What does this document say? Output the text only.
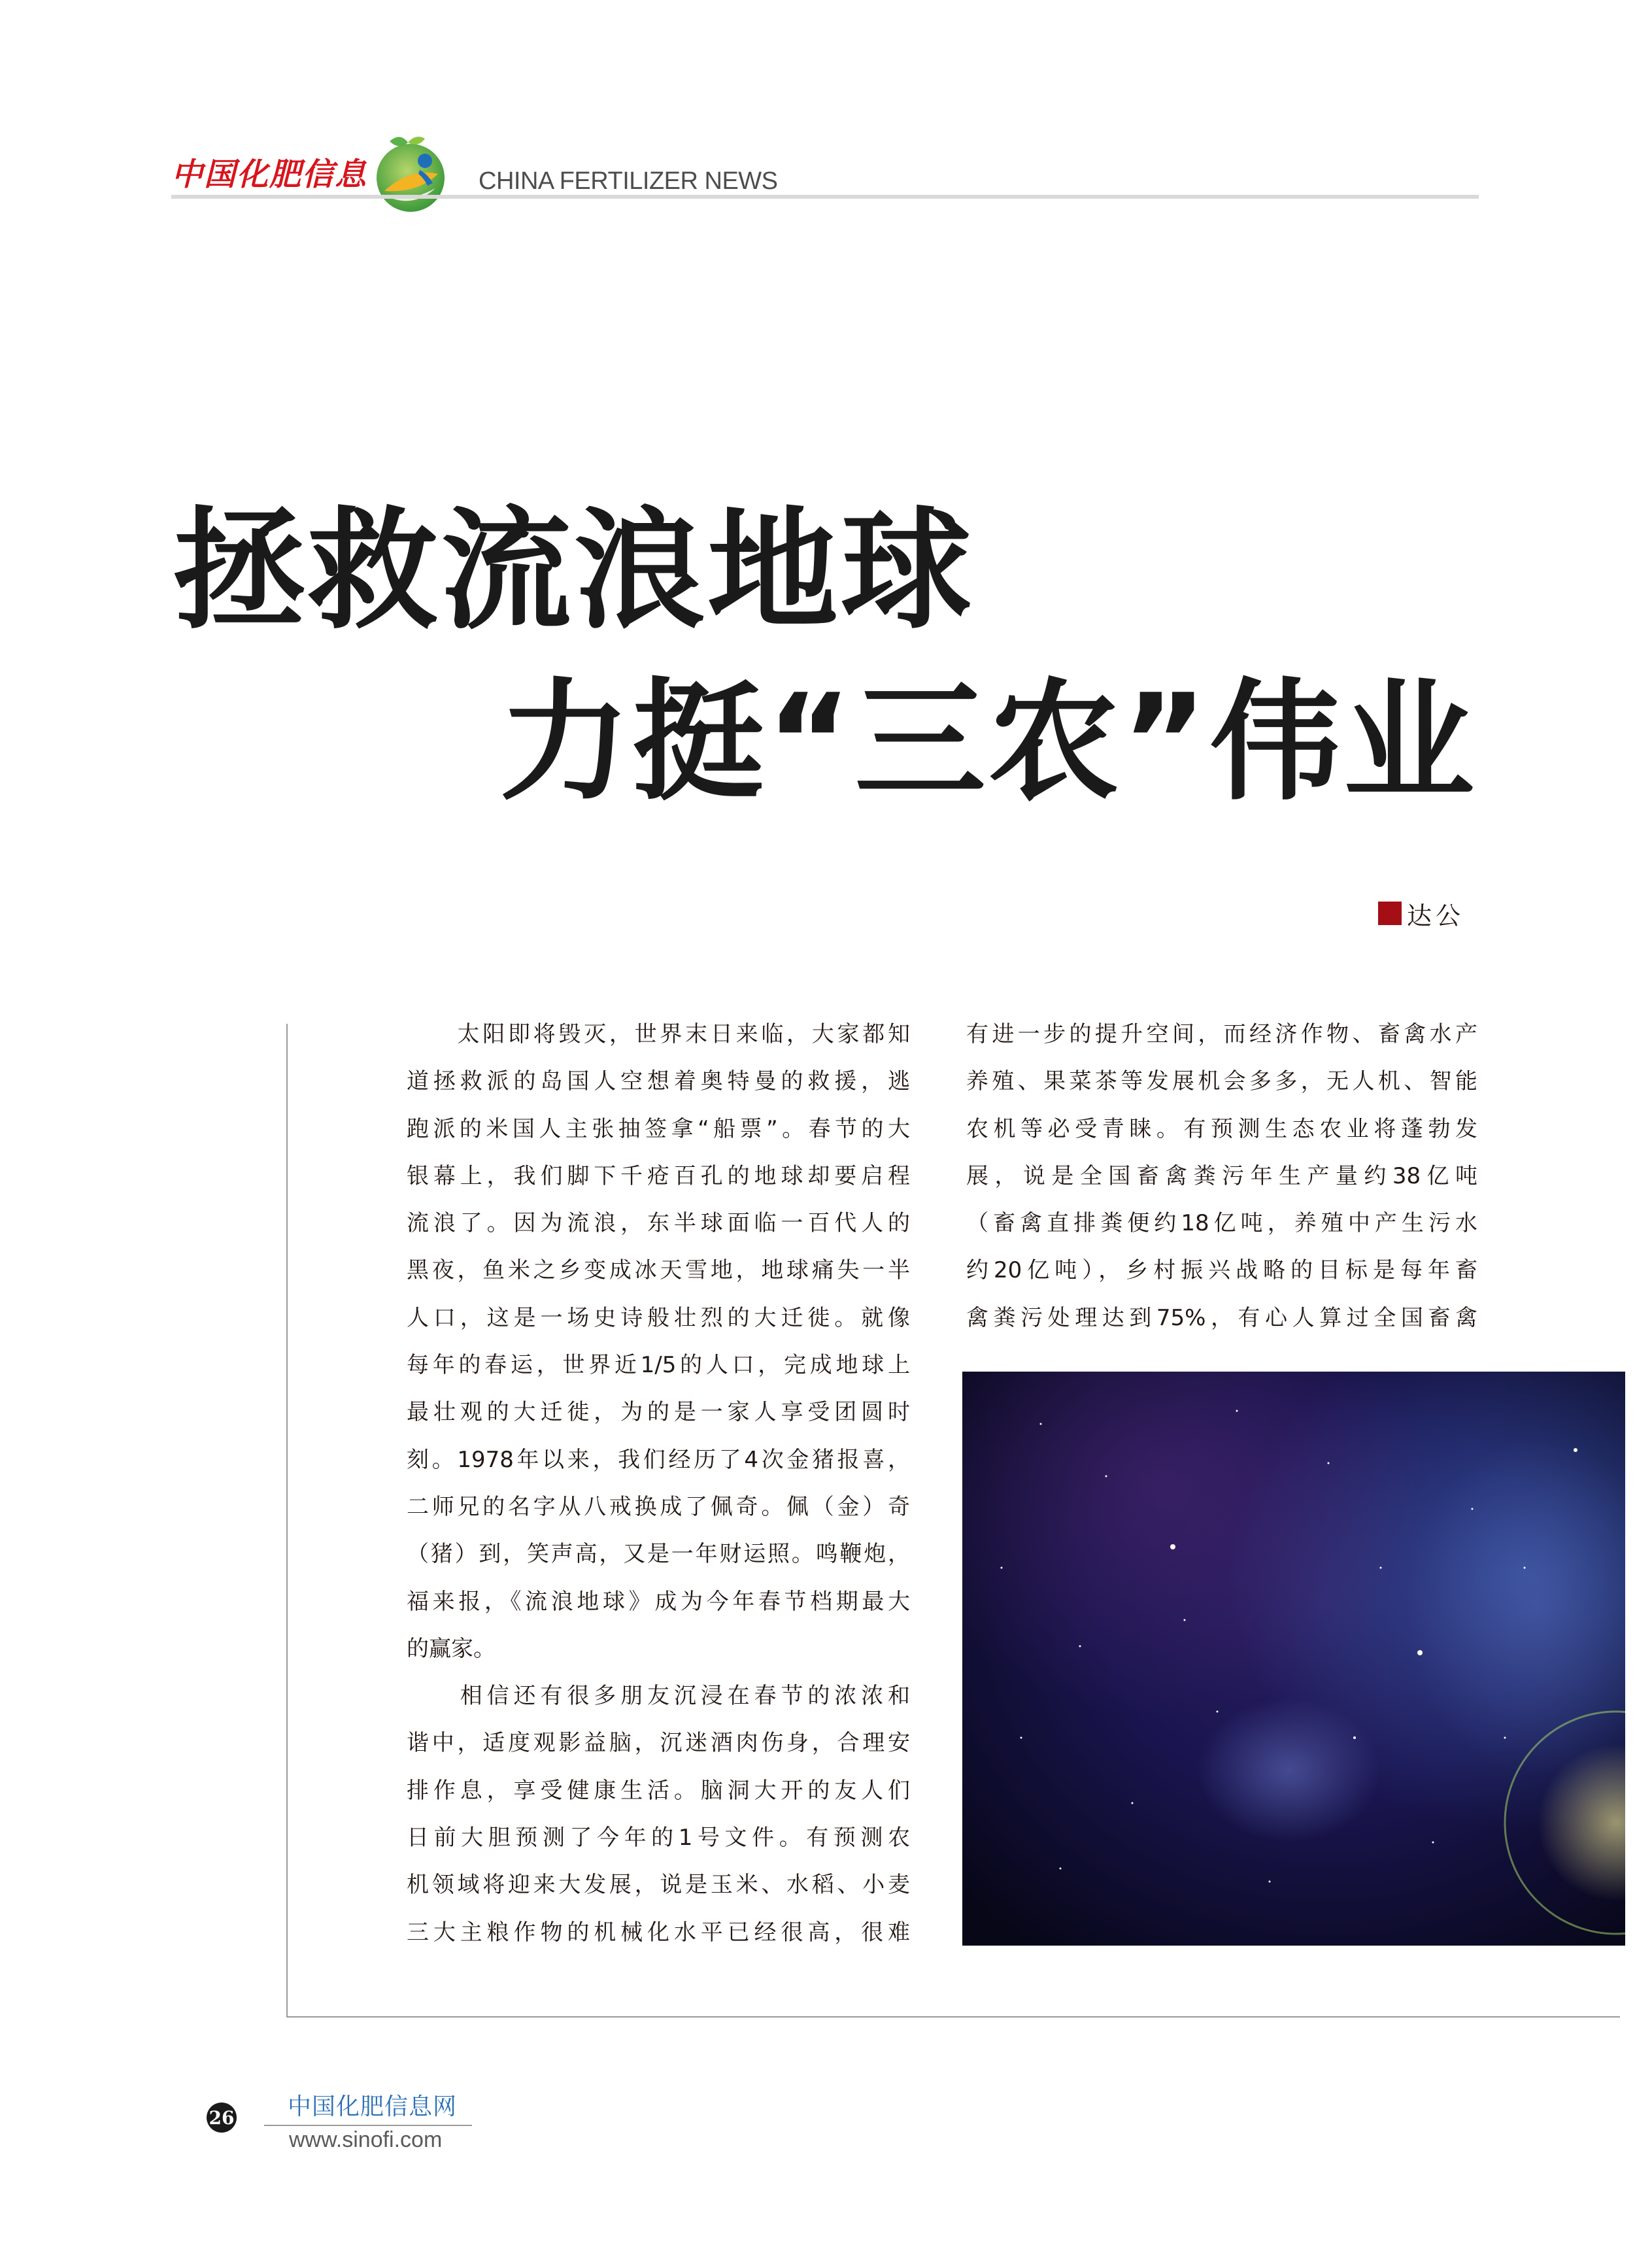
中国化肥信息	CHINA FERTILIZER NEWS
拯救流浪地球
力挺“三农”伟业
达公
　　太阳即将毁灭，世界末日来临，大家都知
道拯救派的岛国人空想着奥特曼的救援，逃
跑派的米国人主张抽签拿“船票”。春节的大
银幕上，我们脚下千疮百孔的地球却要启程
流浪了。因为流浪，东半球面临一百代人的
黑夜，鱼米之乡变成冰天雪地，地球痛失一半
人口，这是一场史诗般壮烈的大迁徙。就像
每年的春运，世界近1/5的人口，完成地球上
最壮观的大迁徙，为的是一家人享受团圆时
刻。1978年以来，我们经历了4次金猪报喜，
二师兄的名字从八戒换成了佩奇。佩（金）奇
（猪）到，笑声高，又是一年财运照。鸣鞭炮，
福来报，《流浪地球》成为今年春节档期最大
的赢家。
　　相信还有很多朋友沉浸在春节的浓浓和
谐中，适度观影益脑，沉迷酒肉伤身，合理安
排作息，享受健康生活。脑洞大开的友人们
日前大胆预测了今年的1号文件。有预测农
机领域将迎来大发展，说是玉米、水稻、小麦
三大主粮作物的机械化水平已经很高，很难
有进一步的提升空间，而经济作物、畜禽水产
养殖、果菜茶等发展机会多多，无人机、智能
农机等必受青睐。有预测生态农业将蓬勃发
展，说是全国畜禽粪污年生产量约38亿吨
（畜禽直排粪便约18亿吨，养殖中产生污水
约20亿吨），乡村振兴战略的目标是每年畜
禽粪污处理达到75%，有心人算过全国畜禽
26 中国化肥信息网
www.sinofi.com
